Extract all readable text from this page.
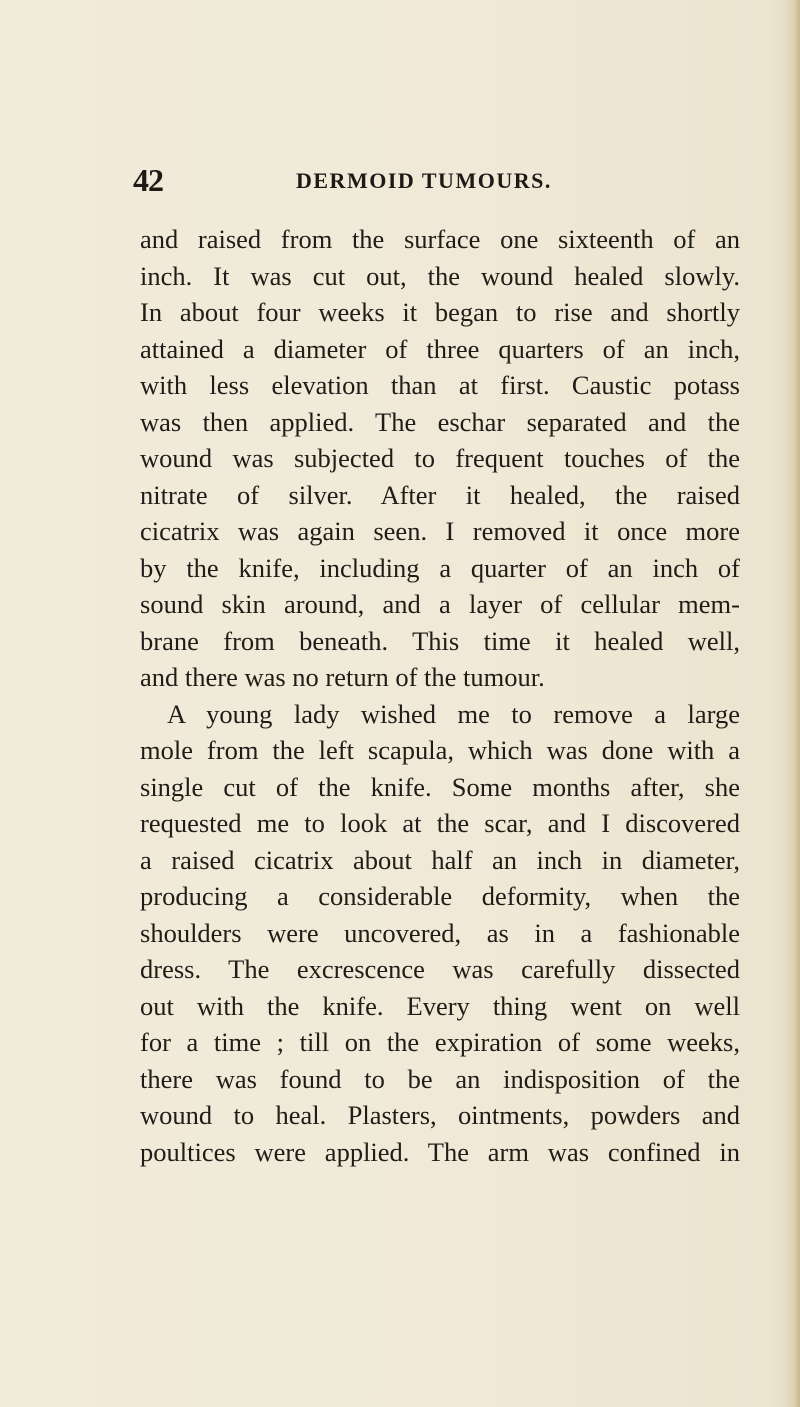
42	DERMOID TUMOURS.
and raised from the surface one sixteenth of an
inch. It was cut out, the wound healed slowly.
In about four weeks it began to rise and shortly
attained a diameter of three quarters of an inch,
with less elevation than at first. Caustic potass
was then applied. The eschar separated and the
wound was subjected to frequent touches of the
nitrate of silver. After it healed, the raised
cicatrix was again seen. I removed it once more
by the knife, including a quarter of an inch of
sound skin around, and a layer of cellular mem-
brane from beneath. This time it healed well,
and there was no return of the tumour.
A young lady wished me to remove a large
mole from the left scapula, which was done with a
single cut of the knife. Some months after, she
requested me to look at the scar, and I discovered
a raised cicatrix about half an inch in diameter,
producing a considerable deformity, when the
shoulders were uncovered, as in a fashionable
dress. The excrescence was carefully dissected
out with the knife. Every thing went on well
for a time ; till on the expiration of some weeks,
there was found to be an indisposition of the
wound to heal. Plasters, ointments, powders and
poultices were applied. The arm was confined in
